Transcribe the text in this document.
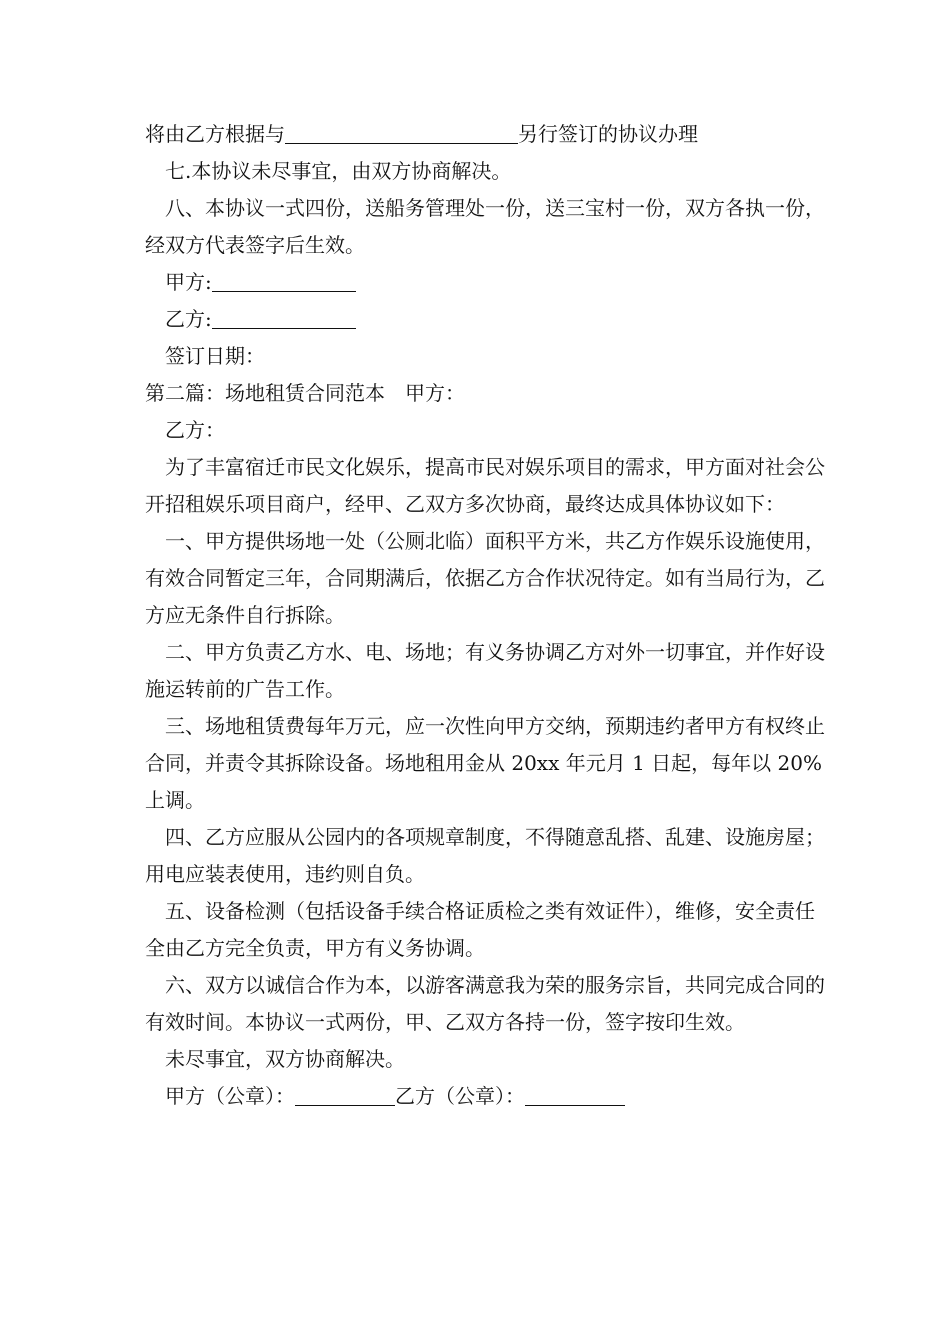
将由乙方根据与	另行签订的协议办理

七.本协议未尽事宜，由双方协商解决。

八、本协议一式四份，送船务管理处一份，送三宝村一份，双方各执一份，经双方代表签字后生效。

甲方:

乙方:

签订日期：

第二篇：场地租赁合同范本 甲方：

乙方：

为了丰富宿迁市民文化娱乐，提高市民对娱乐项目的需求，甲方面对社会公开招租娱乐项目商户，经甲、乙双方多次协商，最终达成具体协议如下：

一、甲方提供场地一处（公厕北临）面积平方米，共乙方作娱乐设施使用，有效合同暂定三年，合同期满后，依据乙方合作状况待定。如有当局行为，乙方应无条件自行拆除。

二、甲方负责乙方水、电、场地；有义务协调乙方对外一切事宜，并作好设施运转前的广告工作。

三、场地租赁费每年万元，应一次性向甲方交纳，预期违约者甲方有权终止合同，并责令其拆除设备。场地租用金从 20xx 年元月 1 日起，每年以 20%上调。

四、乙方应服从公园内的各项规章制度，不得随意乱搭、乱建、设施房屋；用电应装表使用，违约则自负。

五、设备检测（包括设备手续合格证质检之类有效证件），维修，安全责任全由乙方完全负责，甲方有义务协调。

六、双方以诚信合作为本，以游客满意我为荣的服务宗旨，共同完成合同的有效时间。本协议一式两份，甲、乙双方各持一份，签字按印生效。

未尽事宜，双方协商解决。

甲方（公章）：	乙方（公章）：
